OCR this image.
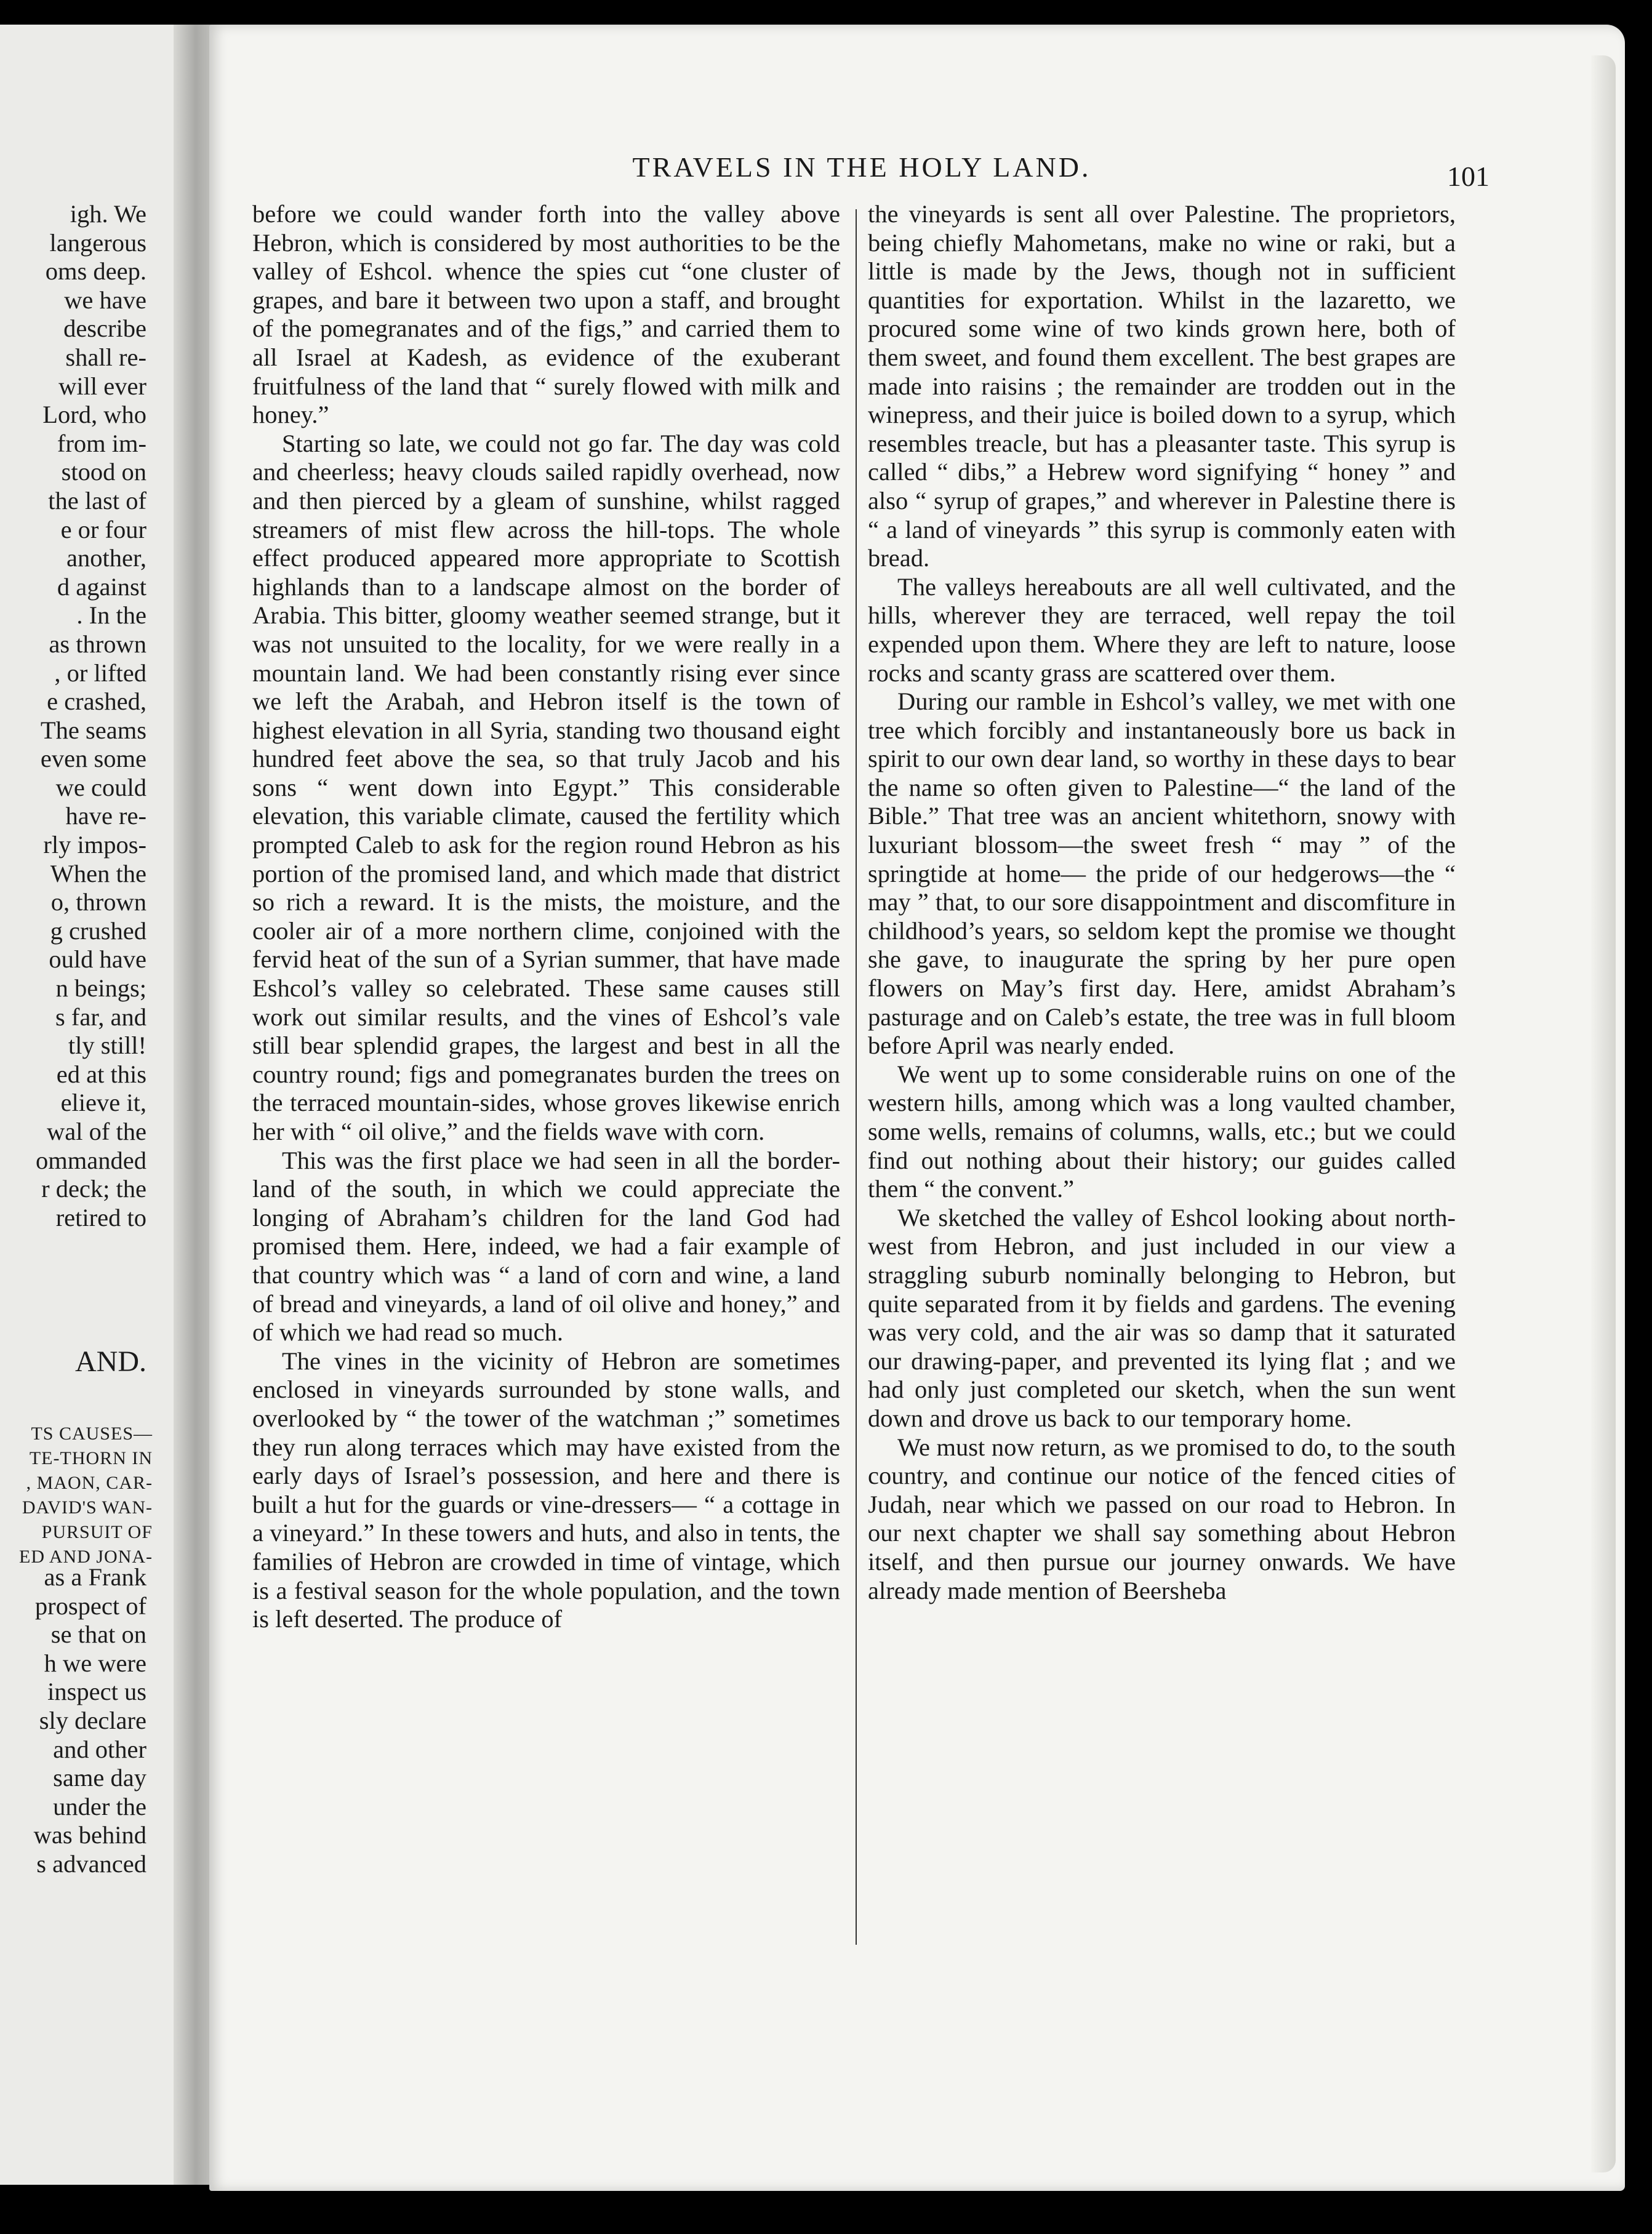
igh. We
langerous
oms deep.
we have
describe
shall re-
will ever
Lord, who
from im-
stood on
the last of
e or four
another,
d against
. In the
as thrown
, or lifted
e crashed,
The seams
even some
we could
have re-
rly impos-
When the
o, thrown
g crushed
ould have
n beings;
s far, and
tly still!
ed at this
elieve it,
wal of the
ommanded
r deck; the
retired to
AND.
TS CAUSES—
TE-THORN IN
, MAON, CAR-
DAVID'S WAN-
PURSUIT OF
ED AND JONA-
as a Frank
prospect of
se that on
h we were
inspect us
sly declare
and other
same day
under the
was behind
s advanced
TRAVELS IN THE HOLY LAND.	101

before we could wander forth into the valley above Hebron, which is considered by most authorities to be the valley of Eshcol. whence the spies cut “one cluster of grapes, and bare it between two upon a staff, and brought of the pomegranates and of the figs,” and carried them to all Israel at Kadesh, as evidence of the exuberant fruitfulness of the land that “ surely flowed with milk and honey.”

Starting so late, we could not go far. The day was cold and cheerless; heavy clouds sailed rapidly overhead, now and then pierced by a gleam of sunshine, whilst ragged streamers of mist flew across the hill-tops. The whole effect produced appeared more appropriate to Scottish highlands than to a landscape almost on the border of Arabia. This bitter, gloomy weather seemed strange, but it was not unsuited to the locality, for we were really in a mountain land. We had been constantly rising ever since we left the Arabah, and Hebron itself is the town of highest elevation in all Syria, standing two thousand eight hundred feet above the sea, so that truly Jacob and his sons “ went down into Egypt.” This considerable elevation, this variable climate, caused the fertility which prompted Caleb to ask for the region round Hebron as his portion of the promised land, and which made that district so rich a reward. It is the mists, the moisture, and the cooler air of a more northern clime, conjoined with the fervid heat of the sun of a Syrian summer, that have made Eshcol’s valley so celebrated. These same causes still work out similar results, and the vines of Eshcol’s vale still bear splendid grapes, the largest and best in all the country round; figs and pomegranates burden the trees on the terraced mountain-sides, whose groves likewise enrich her with “ oil olive,” and the fields wave with corn.

This was the first place we had seen in all the border-land of the south, in which we could appreciate the longing of Abraham’s children for the land God had promised them. Here, indeed, we had a fair example of that country which was “ a land of corn and wine, a land of bread and vineyards, a land of oil olive and honey,” and of which we had read so much.

The vines in the vicinity of Hebron are sometimes enclosed in vineyards surrounded by stone walls, and overlooked by “ the tower of the watchman ;” sometimes they run along terraces which may have existed from the early days of Israel’s possession, and here and there is built a hut for the guards or vine-dressers— “ a cottage in a vineyard.” In these towers and huts, and also in tents, the families of Hebron are crowded in time of vintage, which is a festival season for the whole population, and the town is left deserted. The produce of

the vineyards is sent all over Palestine. The proprietors, being chiefly Mahometans, make no wine or raki, but a little is made by the Jews, though not in sufficient quantities for exportation. Whilst in the lazaretto, we procured some wine of two kinds grown here, both of them sweet, and found them excellent. The best grapes are made into raisins ; the remainder are trodden out in the winepress, and their juice is boiled down to a syrup, which resembles treacle, but has a pleasanter taste. This syrup is called “ dibs,” a Hebrew word signifying “ honey ” and also “ syrup of grapes,” and wherever in Palestine there is “ a land of vineyards ” this syrup is commonly eaten with bread.

The valleys hereabouts are all well cultivated, and the hills, wherever they are terraced, well repay the toil expended upon them. Where they are left to nature, loose rocks and scanty grass are scattered over them.

During our ramble in Eshcol’s valley, we met with one tree which forcibly and instantaneously bore us back in spirit to our own dear land, so worthy in these days to bear the name so often given to Palestine—“ the land of the Bible.” That tree was an ancient whitethorn, snowy with luxuriant blossom—the sweet fresh “ may ” of the springtide at home— the pride of our hedgerows—the “ may ” that, to our sore disappointment and discomfiture in childhood’s years, so seldom kept the promise we thought she gave, to inaugurate the spring by her pure open flowers on May’s first day. Here, amidst Abraham’s pasturage and on Caleb’s estate, the tree was in full bloom before April was nearly ended.

We went up to some considerable ruins on one of the western hills, among which was a long vaulted chamber, some wells, remains of columns, walls, etc.; but we could find out nothing about their history; our guides called them “ the convent.”

We sketched the valley of Eshcol looking about north-west from Hebron, and just included in our view a straggling suburb nominally belonging to Hebron, but quite separated from it by fields and gardens. The evening was very cold, and the air was so damp that it saturated our drawing-paper, and prevented its lying flat ; and we had only just completed our sketch, when the sun went down and drove us back to our temporary home.

We must now return, as we promised to do, to the south country, and continue our notice of the fenced cities of Judah, near which we passed on our road to Hebron. In our next chapter we shall say something about Hebron itself, and then pursue our journey onwards. We have already made mention of Beersheba
